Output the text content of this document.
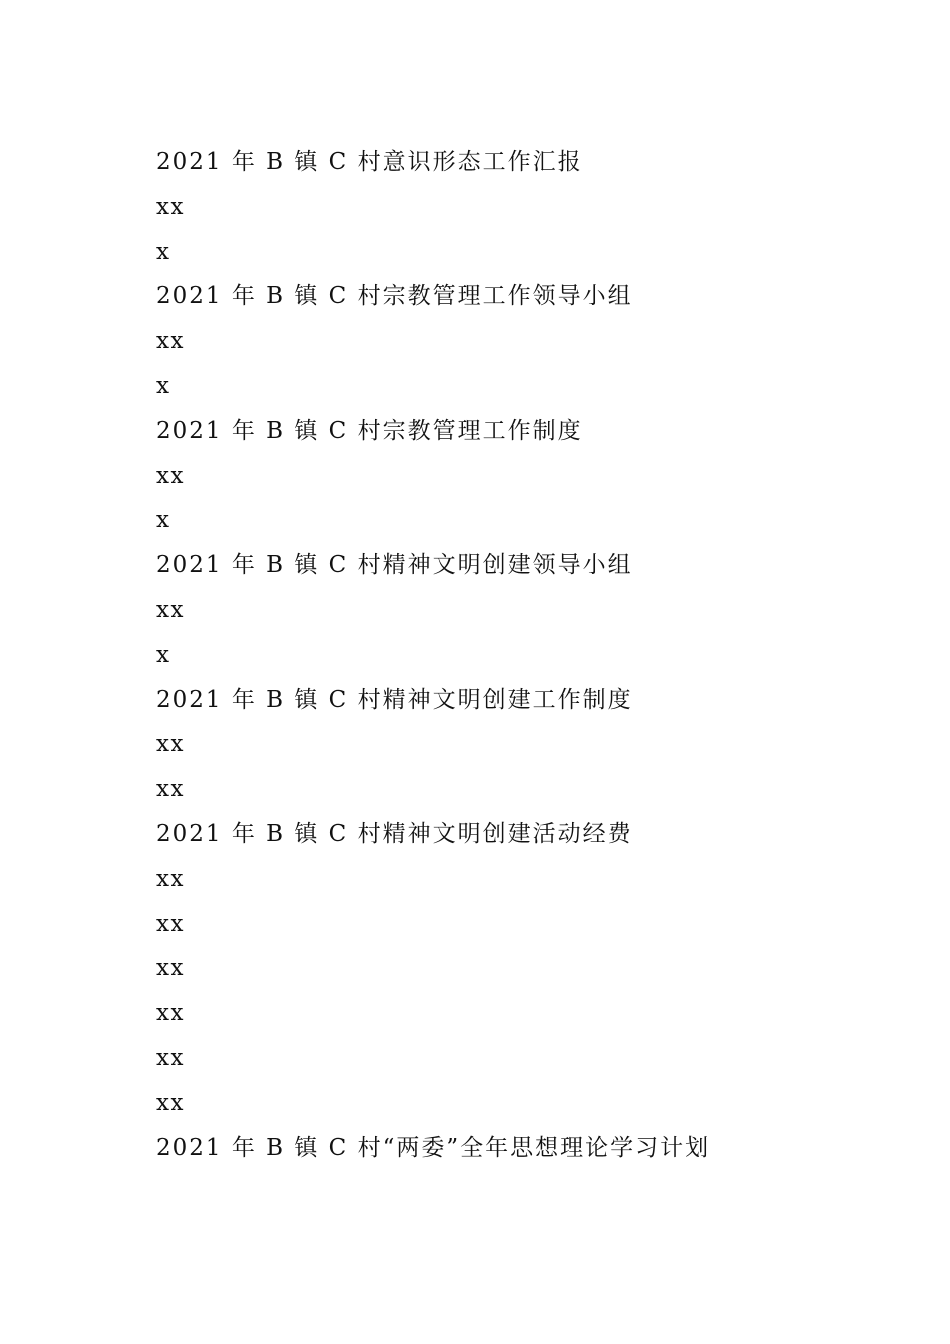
2021 年 B 镇 C 村意识形态工作汇报
xx
x
2021 年 B 镇 C 村宗教管理工作领导小组
xx
x
2021 年 B 镇 C 村宗教管理工作制度
xx
x
2021 年 B 镇 C 村精神文明创建领导小组
xx
x
2021 年 B 镇 C 村精神文明创建工作制度
xx
xx
2021 年 B 镇 C 村精神文明创建活动经费
xx
xx
xx
xx
xx
xx
2021 年 B 镇 C 村“两委”全年思想理论学习计划
